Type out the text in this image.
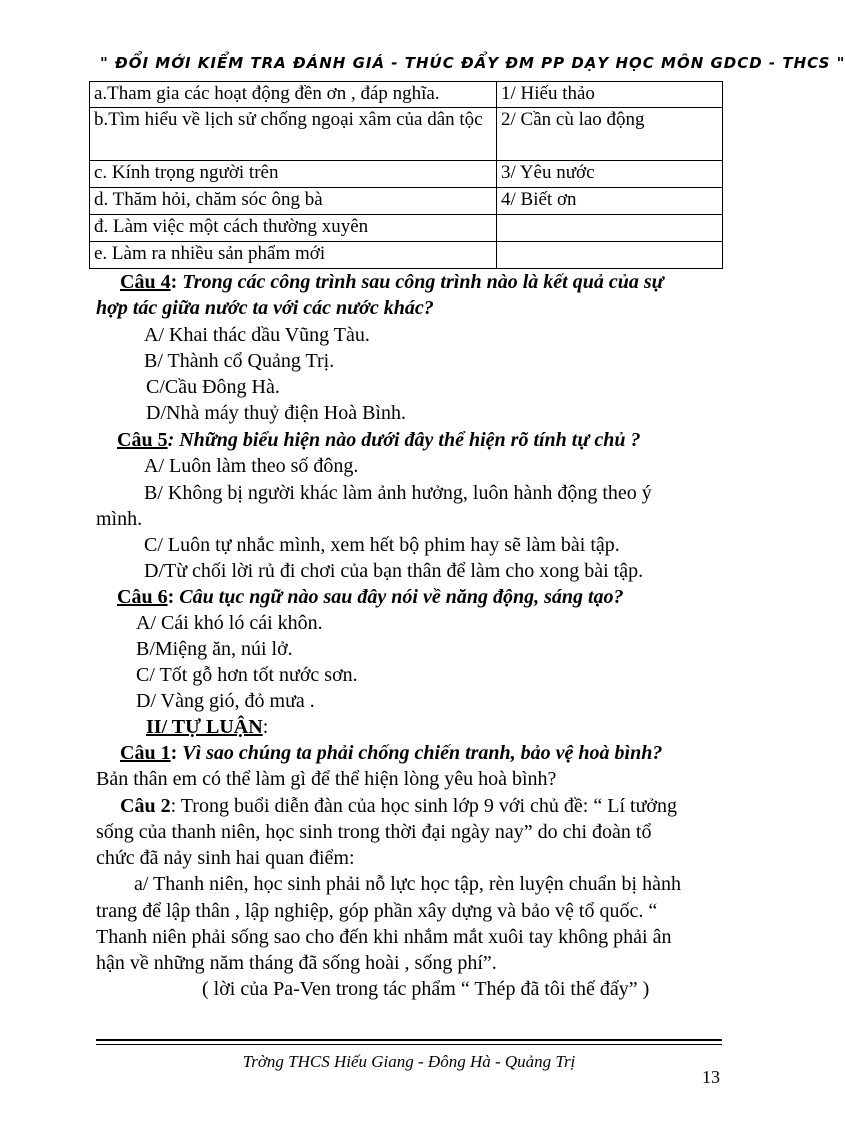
" ĐỔI MỚI KIỂM TRA ĐÁNH GIÁ - THÚC ĐẨY ĐM PP DẠY HỌC MÔN GDCD - THCS "
a.Tham gia các hoạt động đền ơn , đáp nghĩa.	1/ Hiếu thảo
b.Tìm hiểu về lịch sử chống ngoại xâm của dân tộc	2/ Cần cù lao động
c. Kính trọng người trên	3/ Yêu nước
d. Thăm hỏi, chăm sóc ông bà	4/ Biết ơn
đ. Làm việc một cách thường xuyên	
e. Làm ra nhiều sản phẩm mới	
Câu 4: Trong các công trình sau công trình nào là kết quả của sự
hợp tác giữa nước ta với các nước khác?
A/ Khai thác dầu Vũng Tàu.
B/ Thành cổ Quảng Trị.
C/Cầu Đông Hà.
D/Nhà máy thuỷ điện Hoà Bình.
Câu 5: Những biểu hiện nào dưới đây thể hiện rõ tính tự chủ ?
A/ Luôn làm theo số đông.
B/ Không bị người khác làm ảnh hưởng, luôn hành động theo ý
mình.
C/ Luôn tự nhắc mình, xem hết bộ phim hay sẽ làm bài tập.
D/Từ chối lời rủ đi chơi của bạn thân để làm cho xong bài tập.
Câu 6: Câu tục ngữ nào sau đây nói về năng động, sáng tạo?
A/ Cái khó ló cái khôn.
B/Miệng ăn, núi lở.
C/ Tốt gỗ hơn tốt nước sơn.
D/ Vàng gió, đỏ mưa .
II/ TỰ LUẬN:
Câu 1: Vì sao chúng ta phải chống chiến tranh, bảo vệ hoà bình?
Bản thân em có thể làm gì để thể hiện lòng yêu hoà bình?
Câu 2: Trong buổi diễn đàn của học sinh lớp 9 với chủ đề: “ Lí tưởng
sống của thanh niên, học sinh trong thời đại ngày nay” do chi đoàn tổ
chức đã nảy sinh hai quan điểm:
a/ Thanh niên, học sinh phải nỗ lực học tập, rèn luyện chuẩn bị hành
trang để lập thân , lập nghiệp, góp phần xây dựng và bảo vệ tổ quốc. “
Thanh niên phải sống sao cho đến khi nhắm mắt xuôi tay không phải ân
hận về những năm tháng đã sống hoài , sống phí”.
( lời của Pa-Ven trong tác phẩm “ Thép đã tôi thế đấy” )
Trờng THCS Hiếu Giang - Đông Hà - Quảng Trị
13
